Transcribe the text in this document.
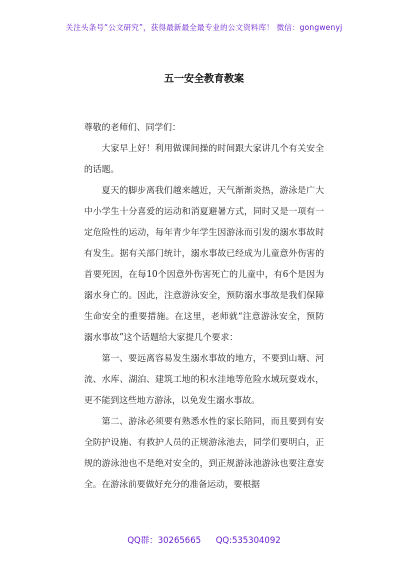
关注头条号“公文研究”，获得最新最全最专业的公文资料库！ 微信：gongwenyj
五一安全教育教案

尊敬的老师们、同学们：

大家早上好！利用做课间操的时间跟大家讲几个有关安全的话题。

夏天的脚步离我们越来越近，天气渐渐炎热，游泳是广大中小学生十分喜爱的运动和消夏避暑方式，同时又是一项有一定危险性的运动，每年青少年学生因游泳而引发的溺水事故时有发生。据有关部门统计，溺水事故已经成为儿童意外伤害的首要死因，在每10个因意外伤害死亡的儿童中，有6个是因为溺水身亡的。因此，注意游泳安全，预防溺水事故是我们保障生命安全的重要措施。在这里，老师就“注意游泳安全，预防溺水事故”这个话题给大家提几个要求：

第一、要远离容易发生溺水事故的地方，不要到山塘、河流、水库、湖泊、建筑工地的积水洼地等危险水域玩耍戏水，更不能到这些地方游泳，以免发生溺水事故。

第二、游泳必须要有熟悉水性的家长陪同，而且要到有安全防护设施、有救护人员的正规游泳池去，同学们要明白，正规的游泳池也不是绝对安全的，到正规游泳池游泳也要注意安全。在游泳前要做好充分的准备运动，要根据

QQ群：30265665 QQ:535304092
